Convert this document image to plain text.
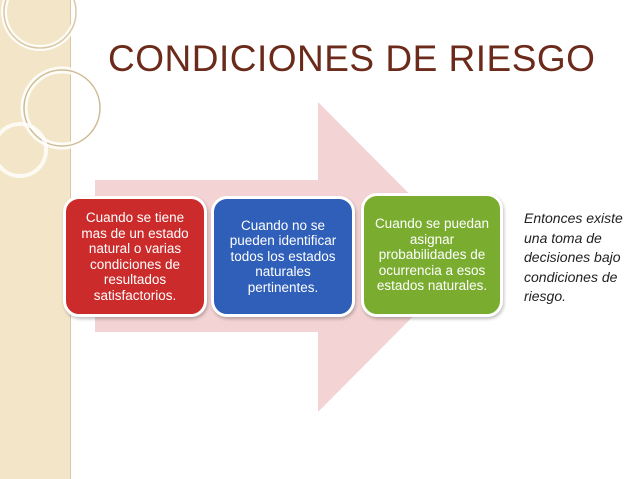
CONDICIONES DE RIESGO
Cuando se tiene mas de un estado natural o varias condiciones de resultados satisfactorios.
Cuando no se pueden identificar todos los estados naturales pertinentes.
Cuando se puedan asignar probabilidades de ocurrencia a esos estados naturales.
Entonces existe
una toma de
decisiones bajo
condiciones de
riesgo.
